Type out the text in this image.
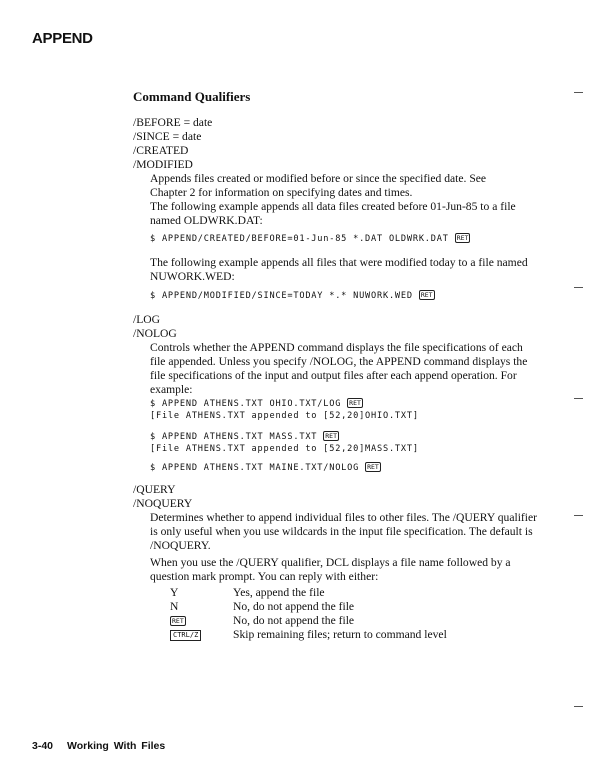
APPEND
Command Qualifiers
/BEFORE = date
/SINCE = date
/CREATED
/MODIFIED
Appends files created or modified before or since the specified date. See
Chapter 2 for information on specifying dates and times.
The following example appends all data files created before 01-Jun-85 to a file
named OLDWRK.DAT:
$ APPEND/CREATED/BEFORE=01-Jun-85 *.DAT OLDWRK.DAT RET
The following example appends all files that were modified today to a file named
NUWORK.WED:
$ APPEND/MODIFIED/SINCE=TODAY *.* NUWORK.WED RET
/LOG
/NOLOG
Controls whether the APPEND command displays the file specifications of each
file appended. Unless you specify /NOLOG, the APPEND command displays the
file specifications of the input and output files after each append operation. For
example:
$ APPEND ATHENS.TXT OHIO.TXT/LOG RET
[File ATHENS.TXT appended to [52,20]OHIO.TXT]
$ APPEND ATHENS.TXT MASS.TXT RET
[File ATHENS.TXT appended to [52,20]MASS.TXT]
$ APPEND ATHENS.TXT MAINE.TXT/NOLOG RET
/QUERY
/NOQUERY
Determines whether to append individual files to other files. The /QUERY qualifier
is only useful when you use wildcards in the input file specification. The default is
/NOQUERY.
When you use the /QUERY qualifier, DCL displays a file name followed by a
question mark prompt. You can reply with either:
Y	Yes, append the file
N	No, do not append the file
RET	No, do not append the file
CTRL/Z	Skip remaining files; return to command level
3-40 Working With Files
